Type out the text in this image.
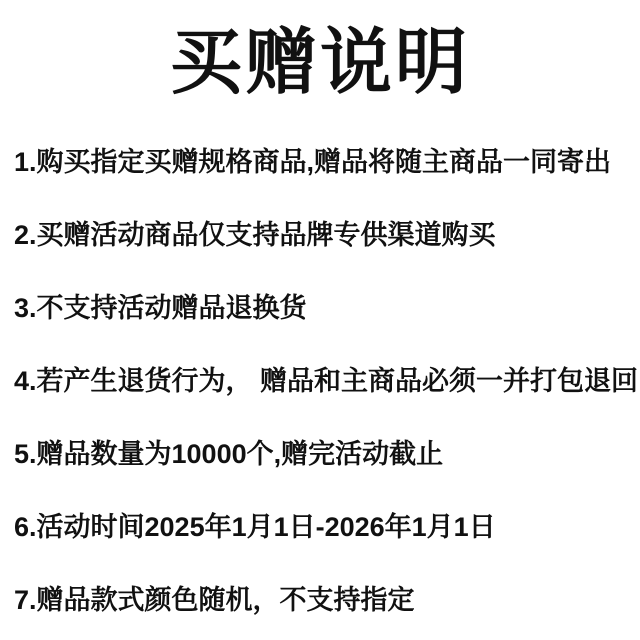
买赠说明
1.购买指定买赠规格商品,赠品将随主商品一同寄出
2.买赠活动商品仅支持品牌专供渠道购买
3.不支持活动赠品退换货
4.若产生退货行为， 赠品和主商品必须一并打包退回
5.赠品数量为10000个,赠完活动截止
6.活动时间2025年1月1日-2026年1月1日
7.赠品款式颜色随机，不支持指定
